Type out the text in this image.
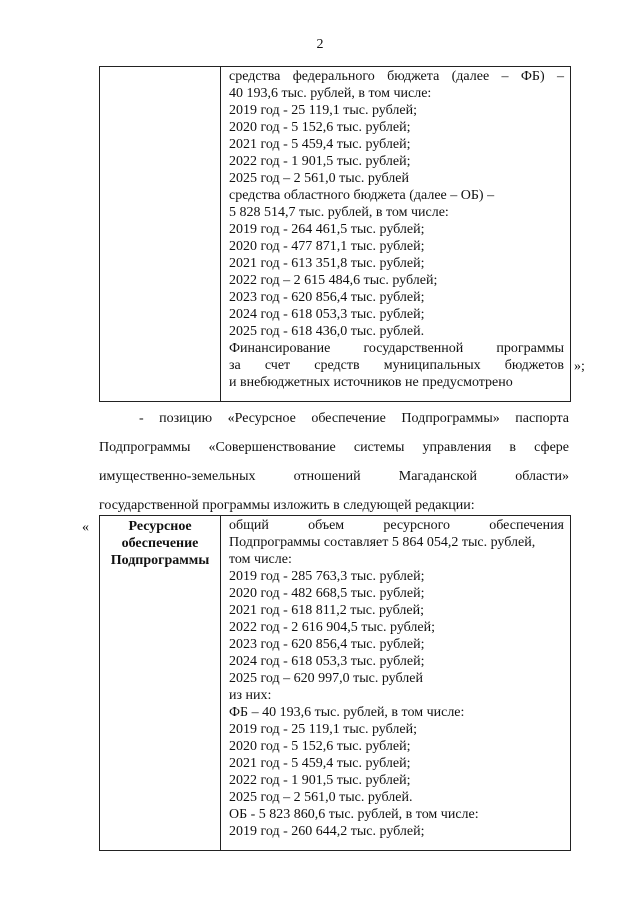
2

средства федерального бюджета (далее – ФБ) –
40 193,6 тыс. рублей, в том числе:
2019 год - 25 119,1 тыс. рублей;
2020 год - 5 152,6 тыс. рублей;
2021 год - 5 459,4 тыс. рублей;
2022 год - 1 901,5 тыс. рублей;
2025 год – 2 561,0 тыс. рублей
средства областного бюджета (далее – ОБ) –
5 828 514,7 тыс. рублей, в том числе:
2019 год - 264 461,5 тыс. рублей;
2020 год - 477 871,1 тыс. рублей;
2021 год - 613 351,8 тыс. рублей;
2022 год – 2 615 484,6 тыс. рублей;
2023 год - 620 856,4 тыс. рублей;
2024 год - 618 053,3 тыс. рублей;
2025 год - 618 436,0 тыс. рублей.
Финансирование государственной программы
за счет средств муниципальных бюджетов
и внебюджетных источников не предусмотрено
»;
- позицию «Ресурсное обеспечение Подпрограммы» паспорта
Подпрограммы «Совершенствование системы управления в сфере
имущественно-земельных отношений Магаданской области»
государственной программы изложить в следующей редакции:
«	Ресурсное
обеспечение
Подпрограммы

общий объем ресурсного обеспечения
Подпрограммы составляет 5 864 054,2 тыс. рублей,
том числе:
2019 год - 285 763,3 тыс. рублей;
2020 год - 482 668,5 тыс. рублей;
2021 год - 618 811,2 тыс. рублей;
2022 год - 2 616 904,5 тыс. рублей;
2023 год - 620 856,4 тыс. рублей;
2024 год - 618 053,3 тыс. рублей;
2025 год – 620 997,0 тыс. рублей
из них:
ФБ – 40 193,6 тыс. рублей, в том числе:
2019 год - 25 119,1 тыс. рублей;
2020 год - 5 152,6 тыс. рублей;
2021 год - 5 459,4 тыс. рублей;
2022 год - 1 901,5 тыс. рублей;
2025 год – 2 561,0 тыс. рублей.
ОБ - 5 823 860,6 тыс. рублей, в том числе:
2019 год - 260 644,2 тыс. рублей;
